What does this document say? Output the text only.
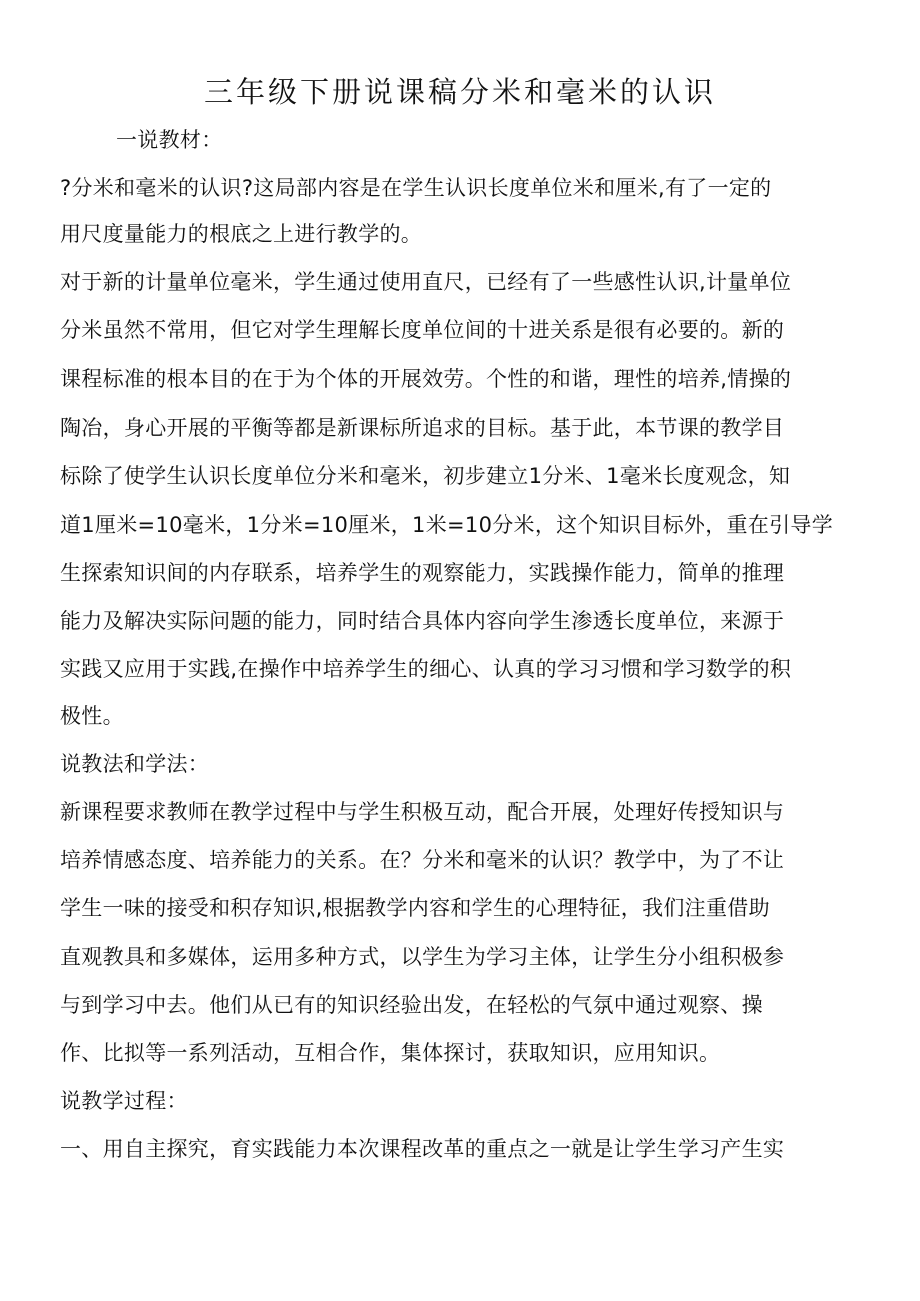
三年级下册说课稿分米和毫米的认识
一说教材：
?分米和毫米的认识?这局部内容是在学生认识长度单位米和厘米,有了一定的
用尺度量能力的根底之上进行教学的。
对于新的计量单位毫米，学生通过使用直尺，已经有了一些感性认识,计量单位
分米虽然不常用，但它对学生理解长度单位间的十进关系是很有必要的。新的
课程标准的根本目的在于为个体的开展效劳。个性的和谐，理性的培养,情操的
陶冶，身心开展的平衡等都是新课标所追求的目标。基于此，本节课的教学目
标除了使学生认识长度单位分米和毫米，初步建立1分米、1毫米长度观念，知
道1厘米=10毫米，1分米=10厘米，1米=10分米，这个知识目标外，重在引导学
生探索知识间的内存联系，培养学生的观察能力，实践操作能力，简单的推理
能力及解决实际问题的能力，同时结合具体内容向学生渗透长度单位，来源于
实践又应用于实践,在操作中培养学生的细心、认真的学习习惯和学习数学的积
极性。
说教法和学法：
新课程要求教师在教学过程中与学生积极互动，配合开展，处理好传授知识与
培养情感态度、培养能力的关系。在？分米和毫米的认识？教学中，为了不让
学生一味的接受和积存知识,根据教学内容和学生的心理特征，我们注重借助
直观教具和多媒体，运用多种方式，以学生为学习主体，让学生分小组积极参
与到学习中去。他们从已有的知识经验出发，在轻松的气氛中通过观察、操
作、比拟等一系列活动，互相合作，集体探讨，获取知识，应用知识。
说教学过程：
一、用自主探究，育实践能力本次课程改革的重点之一就是让学生学习产生实
